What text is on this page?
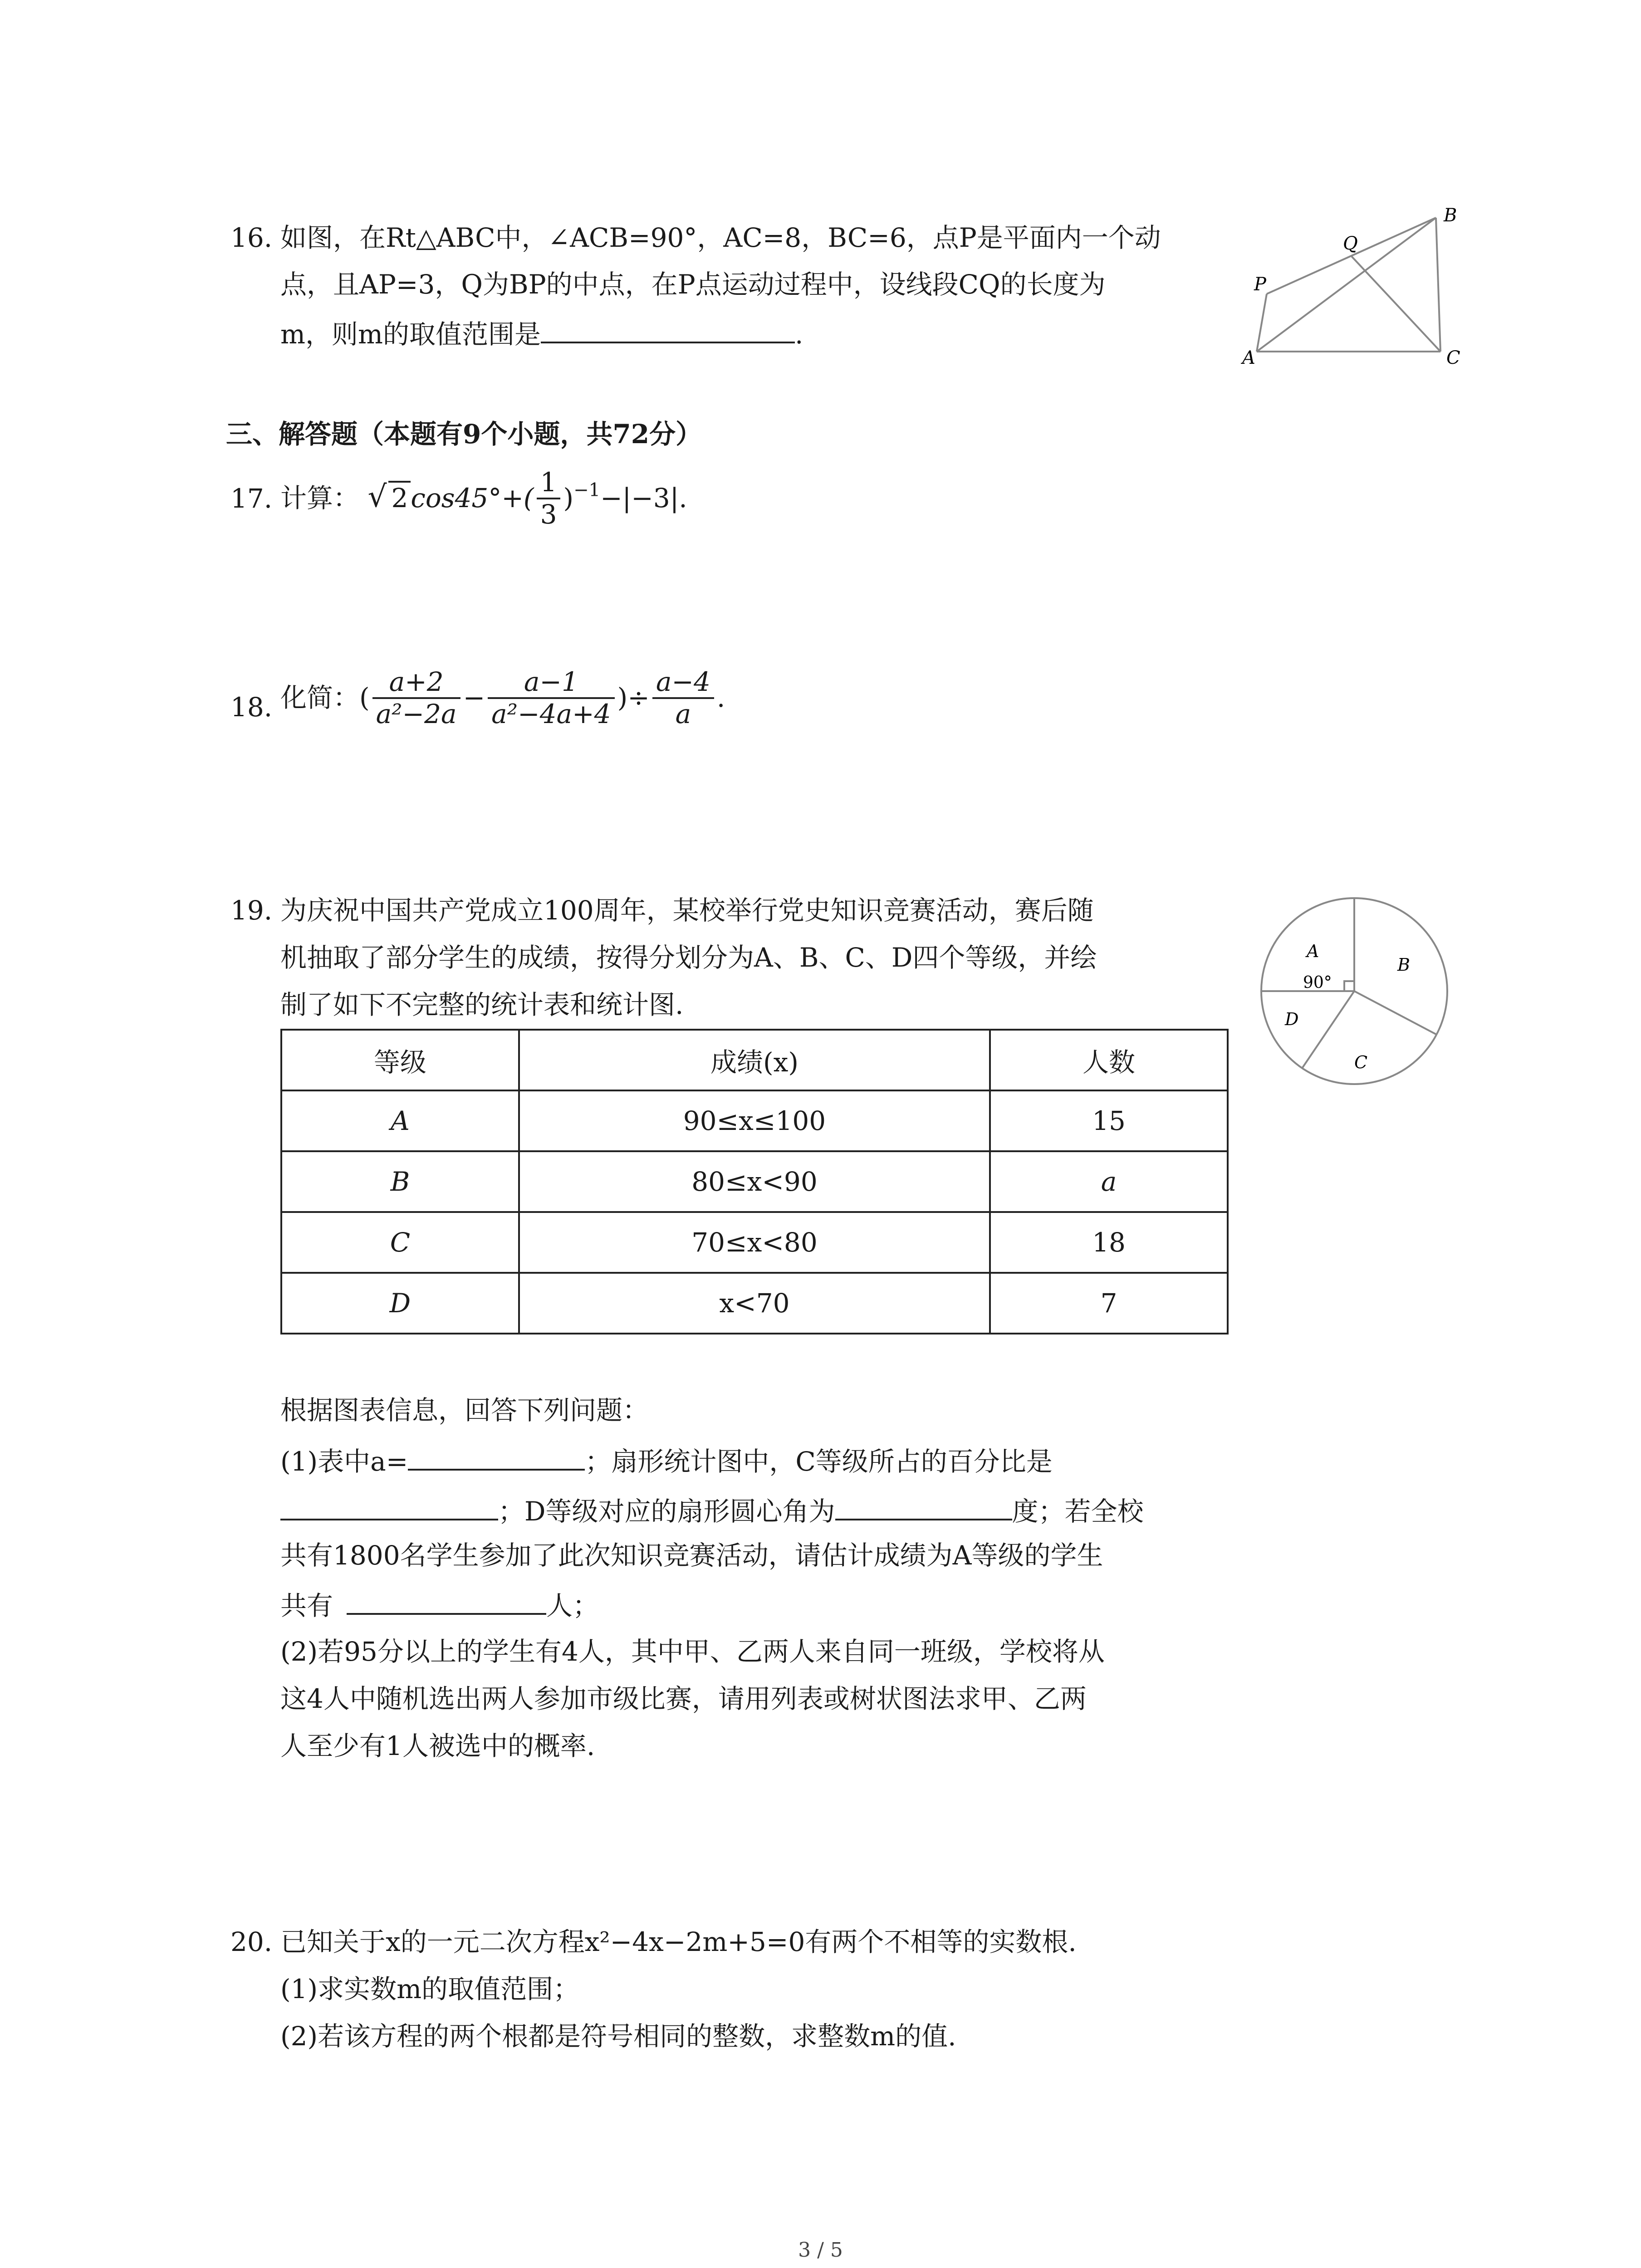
16. 如图，在Rt△ABC中，∠ACB=90°，AC=8，BC=6，点P是平面内一个动
点，且AP=3，Q为BP的中点，在P点运动过程中，设线段CQ的长度为
m，则m的取值范围是	.
A
B
C
P
Q
三、解答题（本题有9个小题，共72分）
17. 计算： √ 2 $\cos 45^\circ+( \frac{1}{3} )^{-1}-|-3|$.
18. 化简：( $\frac{a+2}{\text{a²−2a}} - \frac{a-1}{\text{a²−4a+4}}$ )÷ $\frac{a-4}{a}$ .
19. 为庆祝中国共产党成立100周年，某校举行党史知识竞赛活动，赛后随
机抽取了部分学生的成绩，按得分划分为A、B、C、D四个等级，并绘
制了如下不完整的统计表和统计图.
A
90°
B
C
D
等级	成绩(x)	人数
A	90≤x≤100	15
B	80≤x<90	a
C	70≤x<80	18
D	x<70	7
根据图表信息，回答下列问题：
(1)表中a=	；扇形统计图中，C等级所占的百分比是
；D等级对应的扇形圆心角为	度；若全校
共有1800名学生参加了此次知识竞赛活动，请估计成绩为A等级的学生
共有	人；
(2)若95分以上的学生有4人，其中甲、乙两人来自同一班级，学校将从
这4人中随机选出两人参加市级比赛，请用列表或树状图法求甲、乙两
人至少有1人被选中的概率.
20. 已知关于x的一元二次方程x²−4x−2m+5=0有两个不相等的实数根.
(1)求实数m的取值范围；
(2)若该方程的两个根都是符号相同的整数，求整数m的值.
3 / 5
